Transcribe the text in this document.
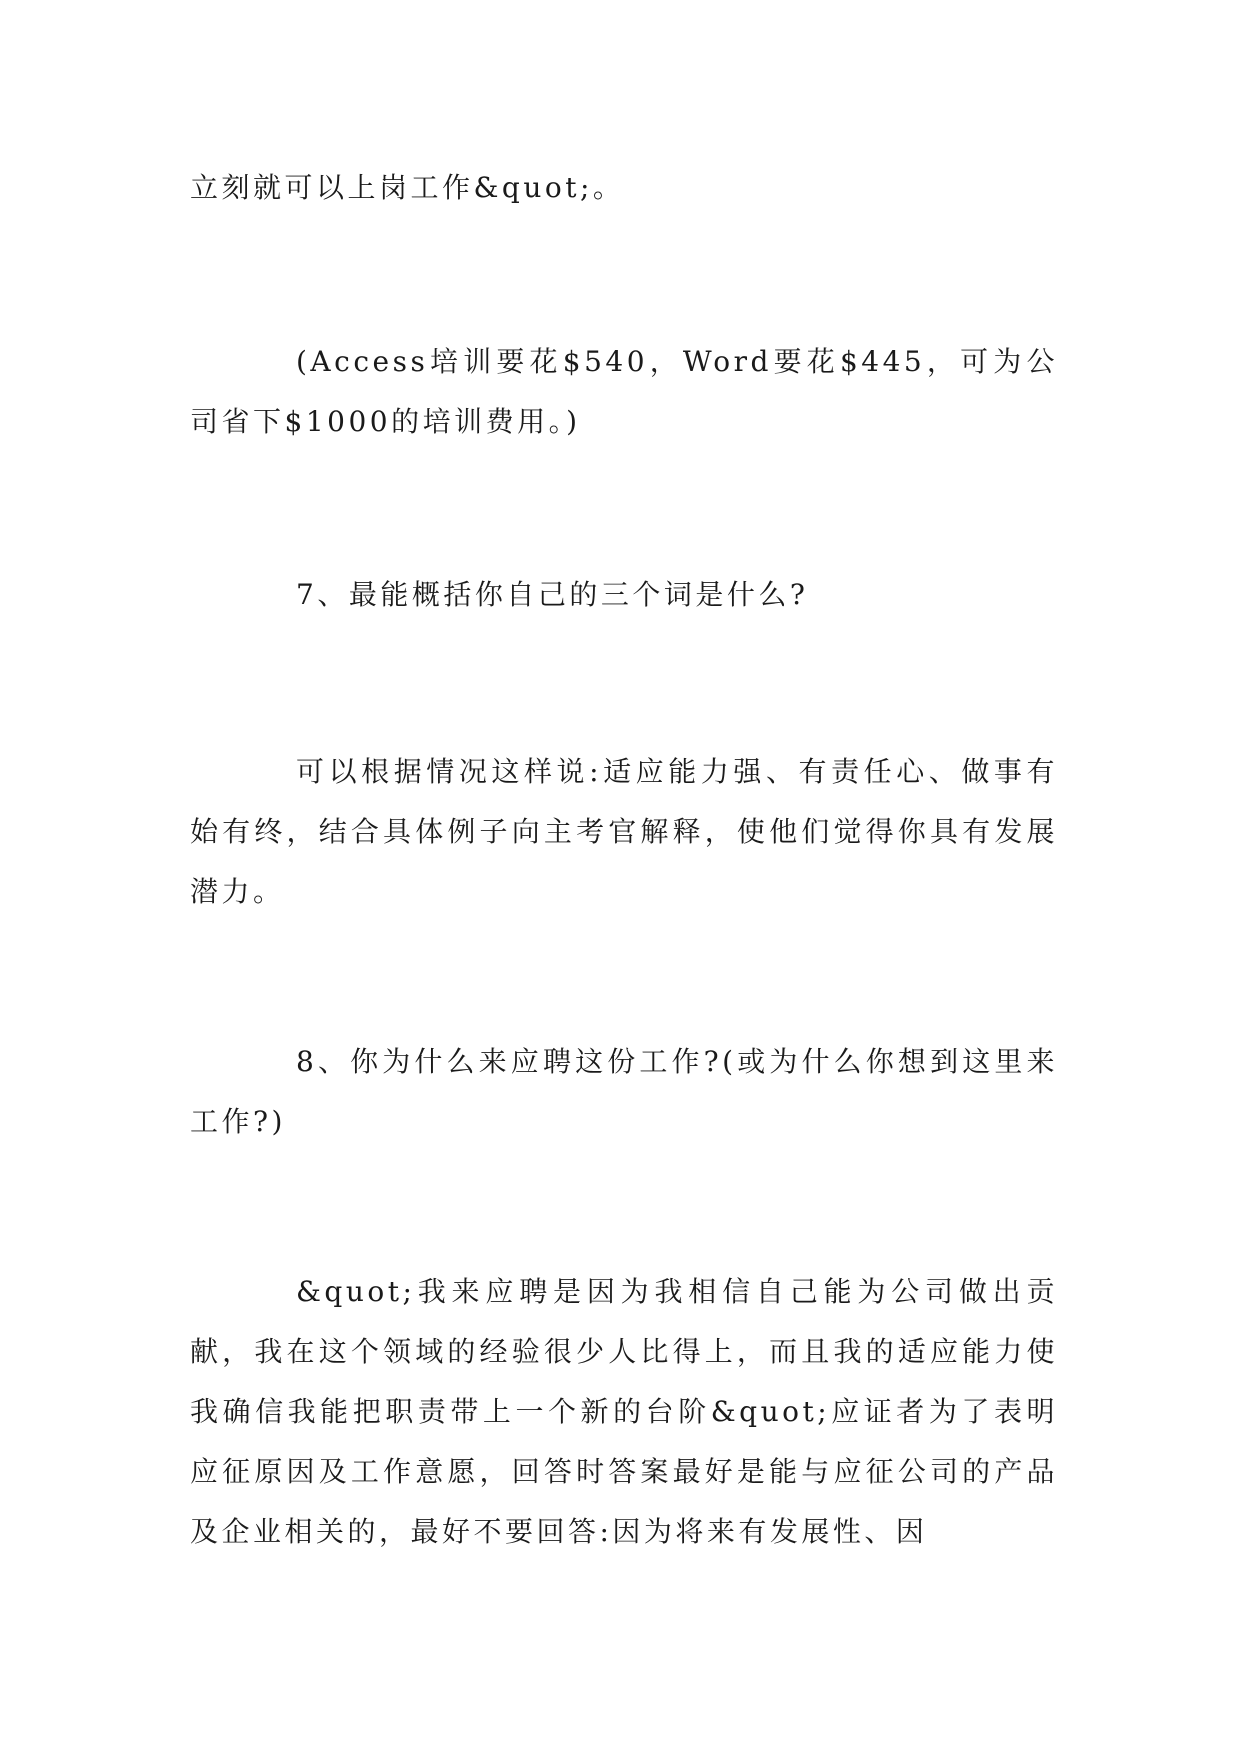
立刻就可以上岗工作&quot;。

(Access培训要花$540，Word要花$445，可为公司省下$1000的培训费用。)

7、最能概括你自己的三个词是什么?

可以根据情况这样说:适应能力强、有责任心、做事有始有终，结合具体例子向主考官解释，使他们觉得你具有发展潜力。

8、你为什么来应聘这份工作?(或为什么你想到这里来工作?)

&quot;我来应聘是因为我相信自己能为公司做出贡献，我在这个领域的经验很少人比得上，而且我的适应能力使我确信我能把职责带上一个新的台阶&quot;应证者为了表明应征原因及工作意愿，回答时答案最好是能与应征公司的产品及企业相关的，最好不要回答:因为将来有发展性、因
